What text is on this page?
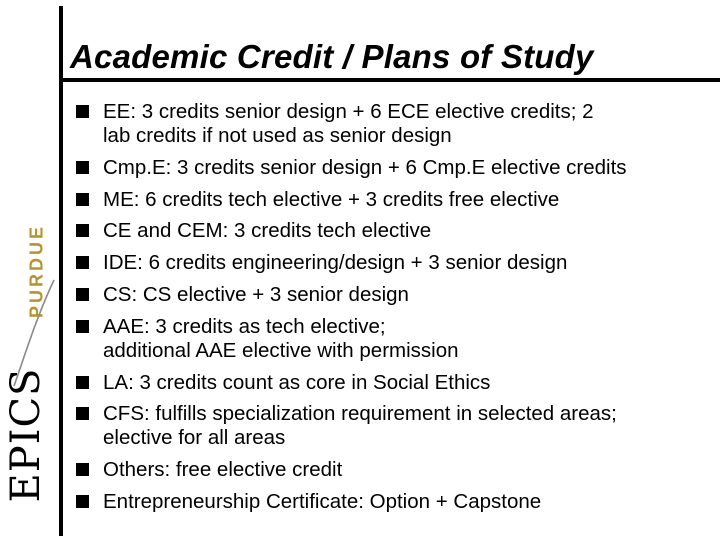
Academic Credit / Plans of Study
PURDUE
EPICS
EE: 3 credits senior design + 6 ECE elective credits; 2
lab credits if not used as senior design
Cmp.E: 3 credits senior design + 6 Cmp.E elective credits
ME: 6 credits tech elective + 3 credits free elective
CE and CEM: 3 credits tech elective
IDE: 6 credits engineering/design + 3 senior design
CS: CS elective + 3 senior design
AAE: 3 credits as tech elective;
additional AAE elective with permission
LA: 3 credits count as core in Social Ethics
CFS: fulfills specialization requirement in selected areas;
elective for all areas
Others: free elective credit
Entrepreneurship Certificate: Option + Capstone
